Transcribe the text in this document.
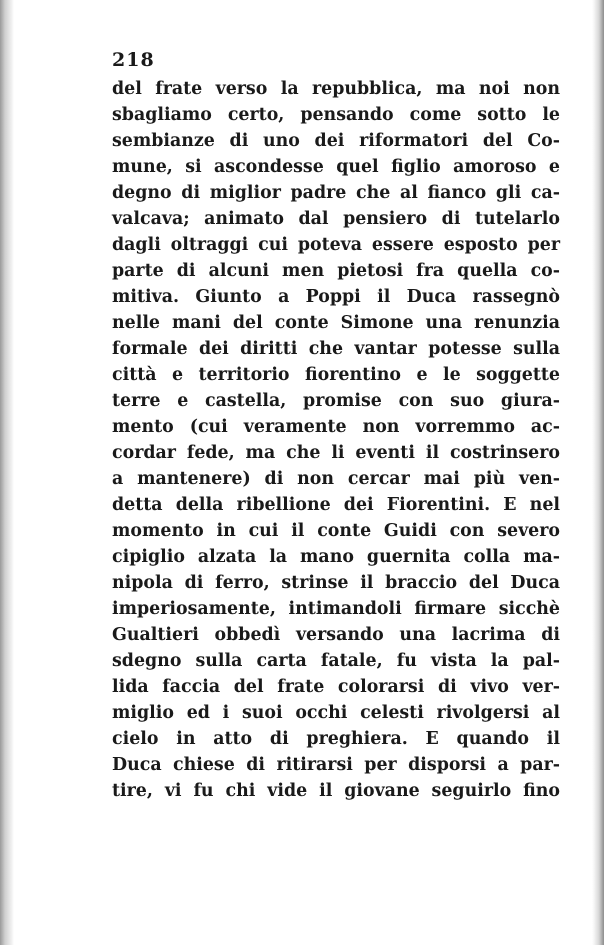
218
del frate verso la repubblica, ma noi non
sbagliamo certo, pensando come sotto le
sembianze di uno dei riformatori del Co-
mune, si ascondesse quel figlio amoroso e
degno di miglior padre che al fianco gli ca-
valcava; animato dal pensiero di tutelarlo
dagli oltraggi cui poteva essere esposto per
parte di alcuni men pietosi fra quella co-
mitiva. Giunto a Poppi il Duca rassegnò
nelle mani del conte Simone una renunzia
formale dei diritti che vantar potesse sulla
città e territorio fiorentino e le soggette
terre e castella, promise con suo giura-
mento (cui veramente non vorremmo ac-
cordar fede, ma che li eventi il costrinsero
a mantenere) di non cercar mai più ven-
detta della ribellione dei Fiorentini. E nel
momento in cui il conte Guidi con severo
cipiglio alzata la mano guernita colla ma-
nipola di ferro, strinse il braccio del Duca
imperiosamente, intimandoli firmare sicchè
Gualtieri obbedì versando una lacrima di
sdegno sulla carta fatale, fu vista la pal-
lida faccia del frate colorarsi di vivo ver-
miglio ed i suoi occhi celesti rivolgersi al
cielo in atto di preghiera. E quando il
Duca chiese di ritirarsi per disporsi a par-
tire, vi fu chi vide il giovane seguirlo fino
